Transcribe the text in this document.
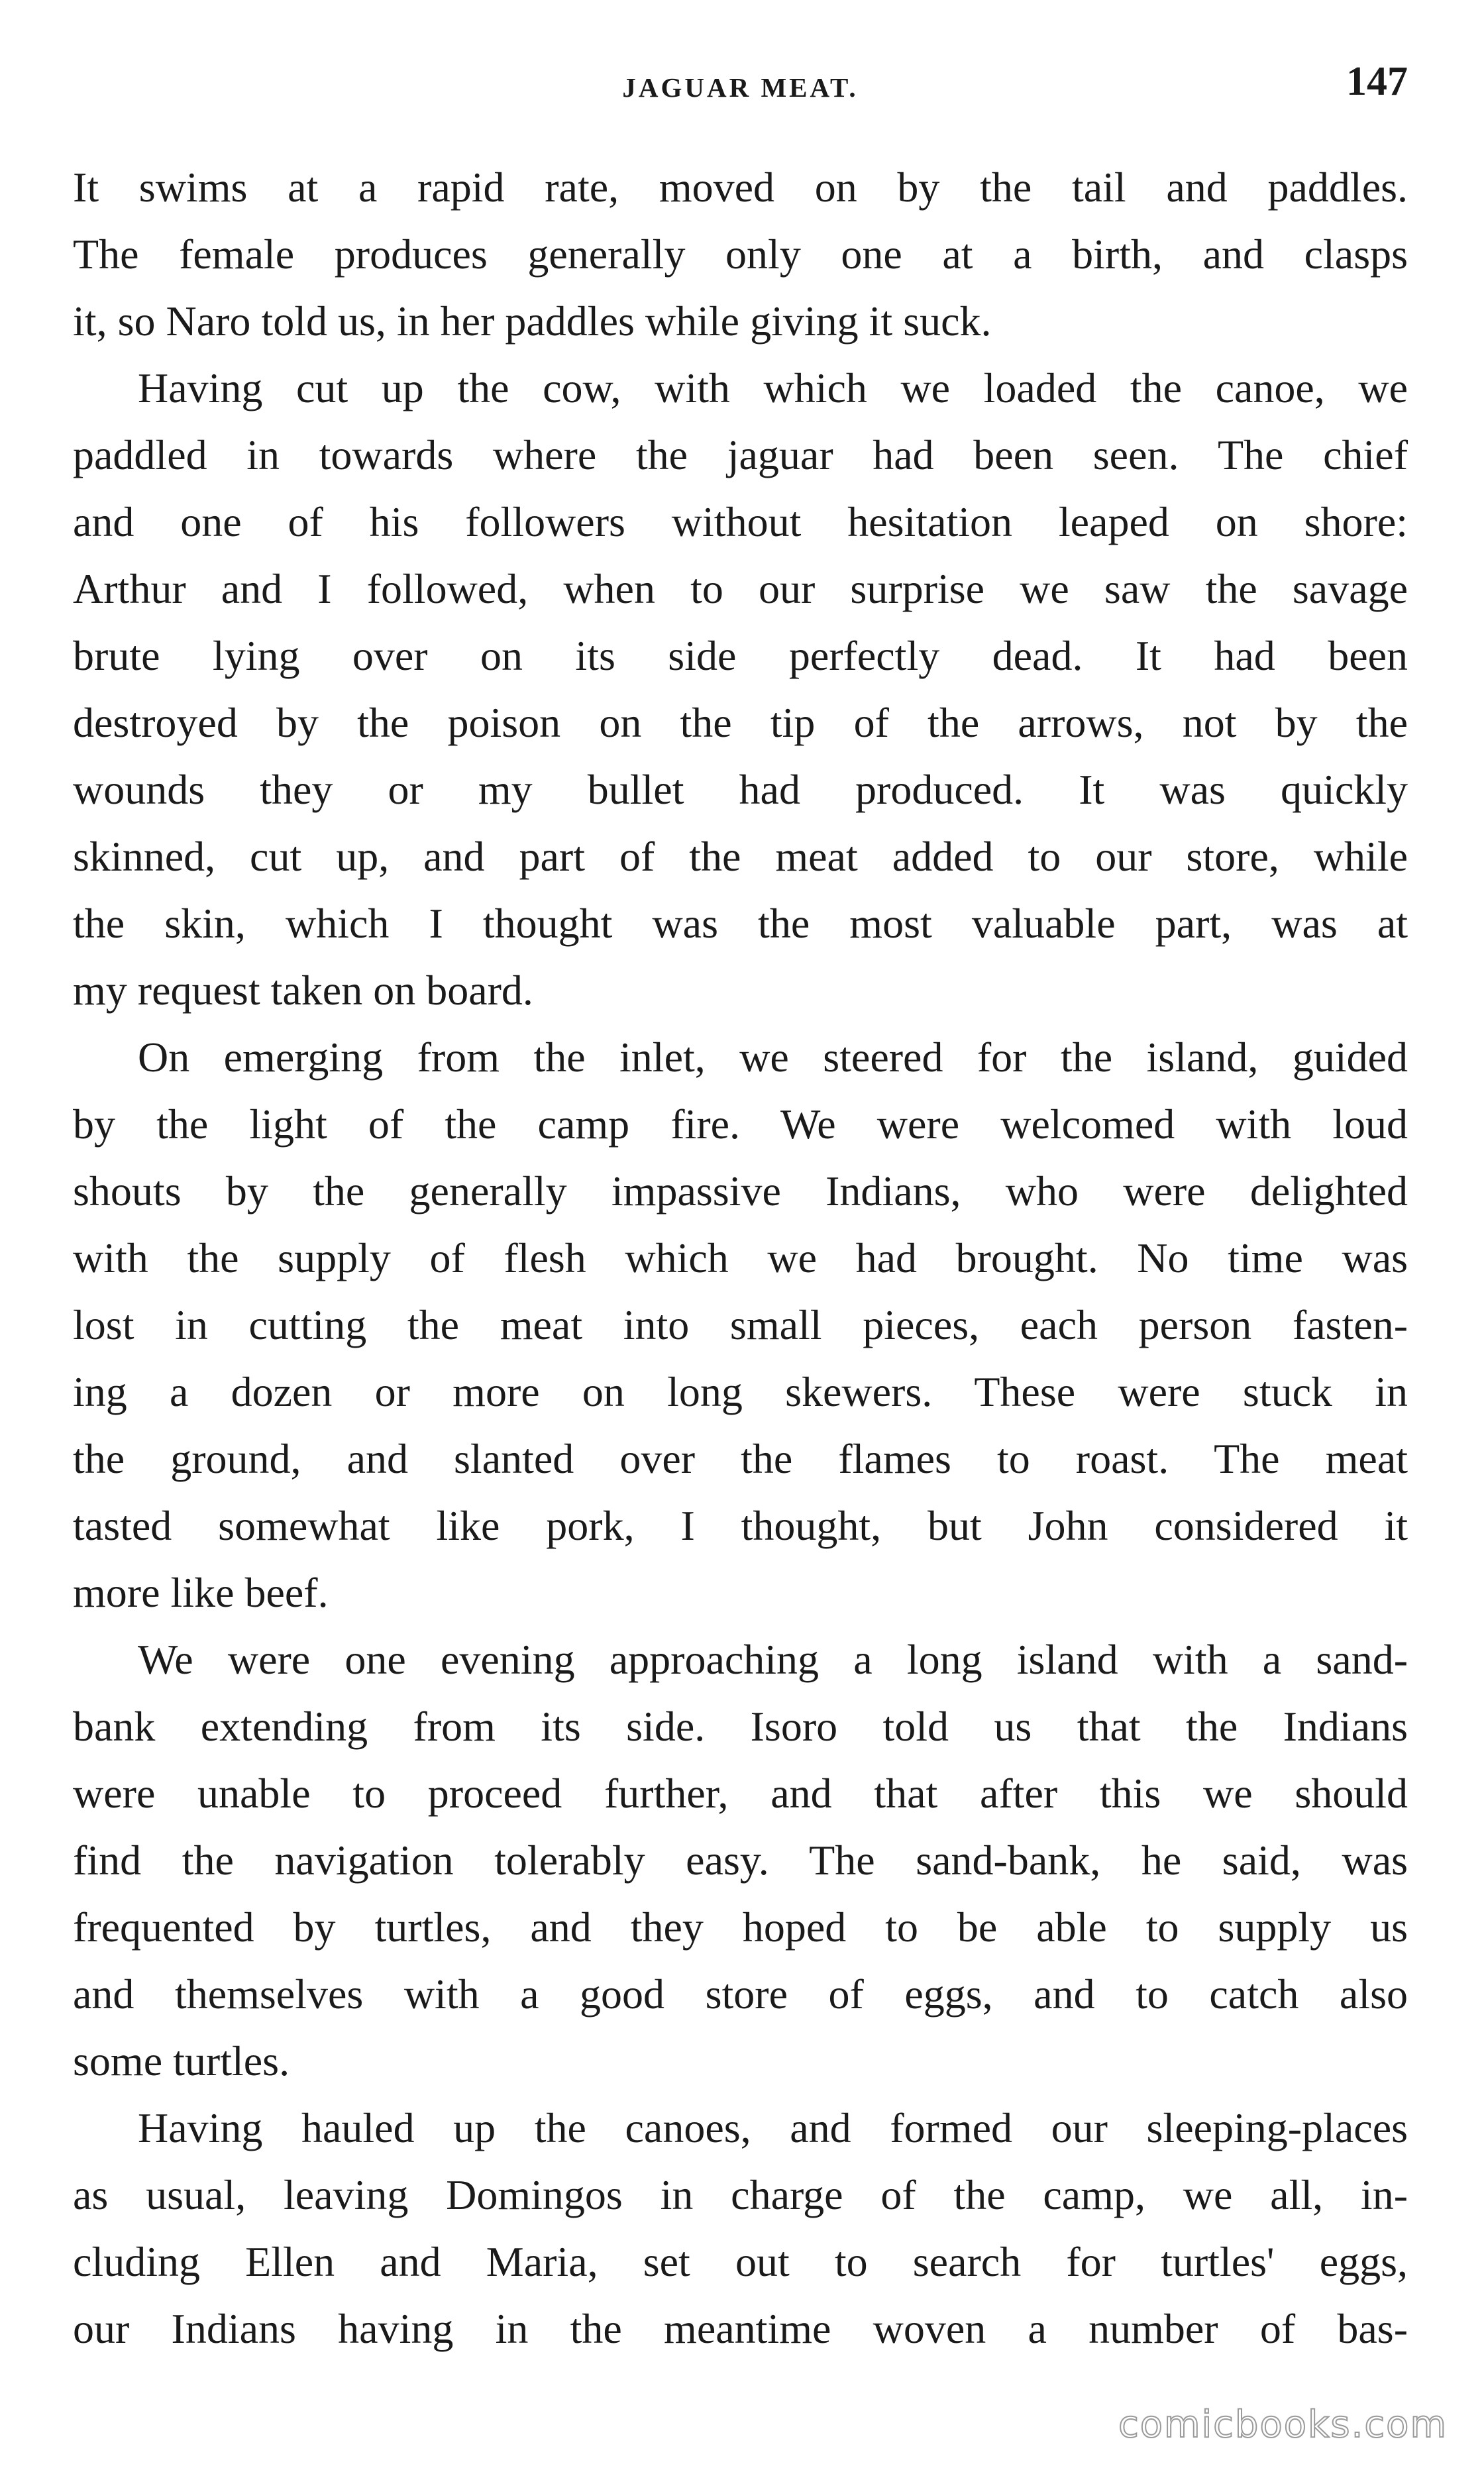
JAGUAR MEAT.	147

It swims at a rapid rate, moved on by the tail and paddles.
The female produces generally only one at a birth, and clasps
it, so Naro told us, in her paddles while giving it suck.

Having cut up the cow, with which we loaded the canoe, we
paddled in towards where the jaguar had been seen. The chief
and one of his followers without hesitation leaped on shore:
Arthur and I followed, when to our surprise we saw the savage
brute lying over on its side perfectly dead. It had been
destroyed by the poison on the tip of the arrows, not by the
wounds they or my bullet had produced. It was quickly
skinned, cut up, and part of the meat added to our store, while
the skin, which I thought was the most valuable part, was at
my request taken on board.

On emerging from the inlet, we steered for the island, guided
by the light of the camp fire. We were welcomed with loud
shouts by the generally impassive Indians, who were delighted
with the supply of flesh which we had brought. No time was
lost in cutting the meat into small pieces, each person fasten-
ing a dozen or more on long skewers. These were stuck in
the ground, and slanted over the flames to roast. The meat
tasted somewhat like pork, I thought, but John considered it
more like beef.

We were one evening approaching a long island with a sand-
bank extending from its side. Isoro told us that the Indians
were unable to proceed further, and that after this we should
find the navigation tolerably easy. The sand-bank, he said, was
frequented by turtles, and they hoped to be able to supply us
and themselves with a good store of eggs, and to catch also
some turtles.

Having hauled up the canoes, and formed our sleeping-places
as usual, leaving Domingos in charge of the camp, we all, in-
cluding Ellen and Maria, set out to search for turtles' eggs,
our Indians having in the meantime woven a number of bas-

comicbooks.com
